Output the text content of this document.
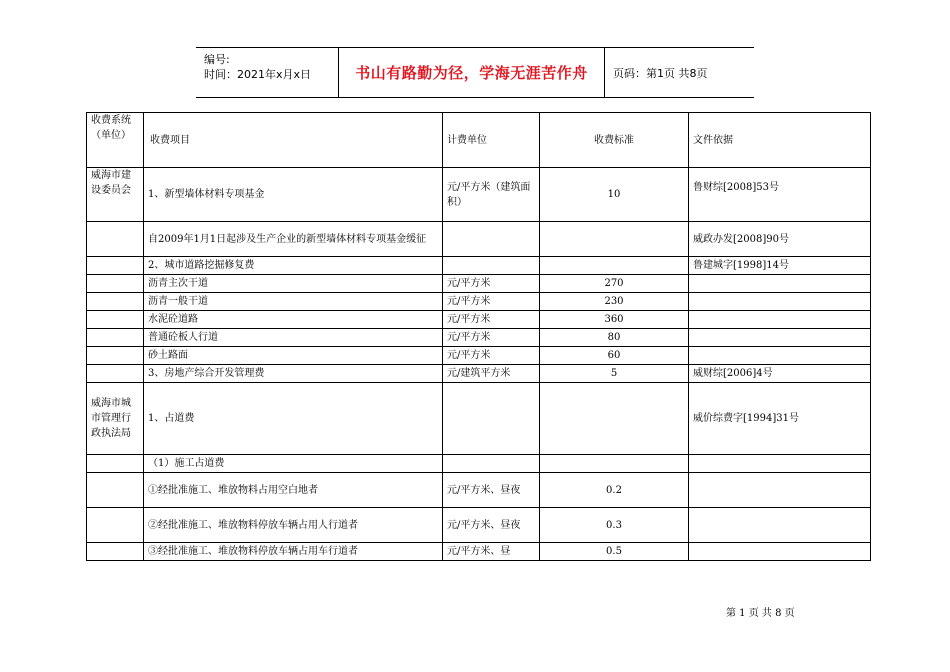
编号:
时间：2021年x月x日	书山有路勤为径，学海无涯苦作舟	页码：第1页 共8页
收费系统（单位）	收费项目	计费单位	收费标准	文件依据
威海市建设委员会	1、新型墙体材料专项基金	元/平方米（建筑面积）	10	鲁财综[2008]53号
	自2009年1月1日起涉及生产企业的新型墙体材料专项基金缓征			威政办发[2008]90号
	2、城市道路挖掘修复费			鲁建城字[1998]14号
	沥青主次干道	元/平方米	270	
	沥青一般干道	元/平方米	230	
	水泥砼道路	元/平方米	360	
	普通砼板人行道	元/平方米	80	
	砂土路面	元/平方米	60	
	3、房地产综合开发管理费	元/建筑平方米	5	威财综[2006]4号
威海市城市管理行政执法局	1、占道费			威价综费字[1994]31号
	（1）施工占道费			
	①经批准施工、堆放物料占用空白地者	元/平方米、昼夜	0.2	
	②经批准施工、堆放物料停放车辆占用人行道者	元/平方米、昼夜	0.3	
	③经批准施工、堆放物料停放车辆占用车行道者	元/平方米、昼	0.5	
第 1 页 共 8 页
